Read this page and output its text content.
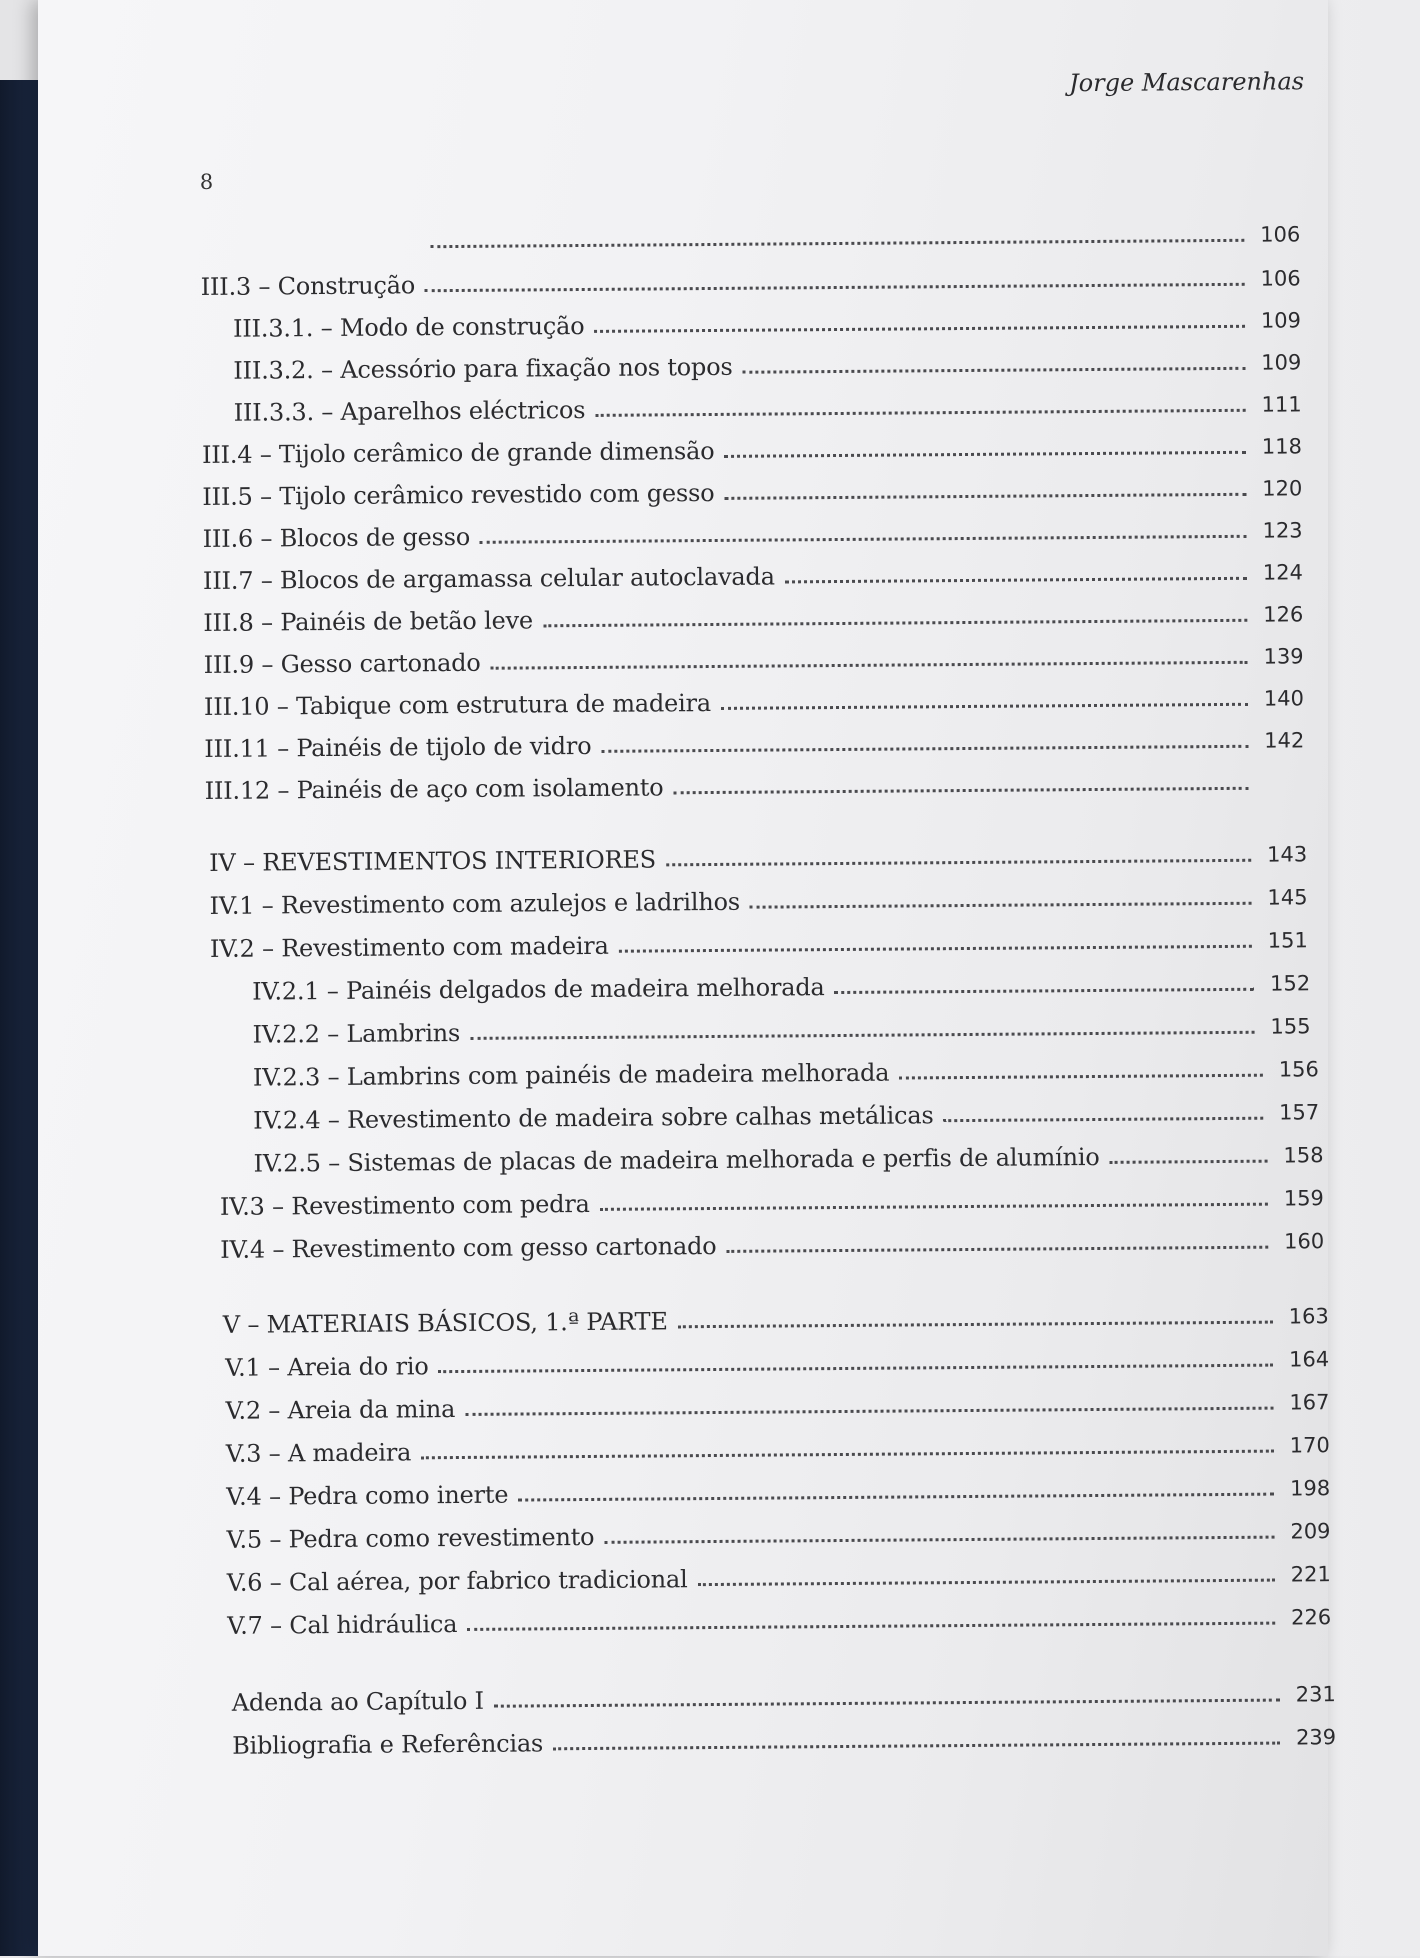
Jorge Mascarenhas
8
106
III.3 – Construção	106
III.3.1. – Modo de construção	109
III.3.2. – Acessório para fixação nos topos	109
III.3.3. – Aparelhos eléctricos	111
III.4 – Tijolo cerâmico de grande dimensão	118
III.5 – Tijolo cerâmico revestido com gesso	120
III.6 – Blocos de gesso	123
III.7 – Blocos de argamassa celular autoclavada	124
III.8 – Painéis de betão leve	126
III.9 – Gesso cartonado	139
III.10 – Tabique com estrutura de madeira	140
III.11 – Painéis de tijolo de vidro	142
III.12 – Painéis de aço com isolamento
IV – REVESTIMENTOS INTERIORES	143
IV.1 – Revestimento com azulejos e ladrilhos	145
IV.2 – Revestimento com madeira	151
IV.2.1 – Painéis delgados de madeira melhorada	152
IV.2.2 – Lambrins	155
IV.2.3 – Lambrins com painéis de madeira melhorada	156
IV.2.4 – Revestimento de madeira sobre calhas metálicas	157
IV.2.5 – Sistemas de placas de madeira melhorada e perfis de alumínio	158
IV.3 – Revestimento com pedra	159
IV.4 – Revestimento com gesso cartonado	160
V – MATERIAIS BÁSICOS, 1.ª PARTE	163
V.1 – Areia do rio	164
V.2 – Areia da mina	167
V.3 – A madeira	170
V.4 – Pedra como inerte	198
V.5 – Pedra como revestimento	209
V.6 – Cal aérea, por fabrico tradicional	221
V.7 – Cal hidráulica	226
Adenda ao Capítulo I	231
Bibliografia e Referências	239
